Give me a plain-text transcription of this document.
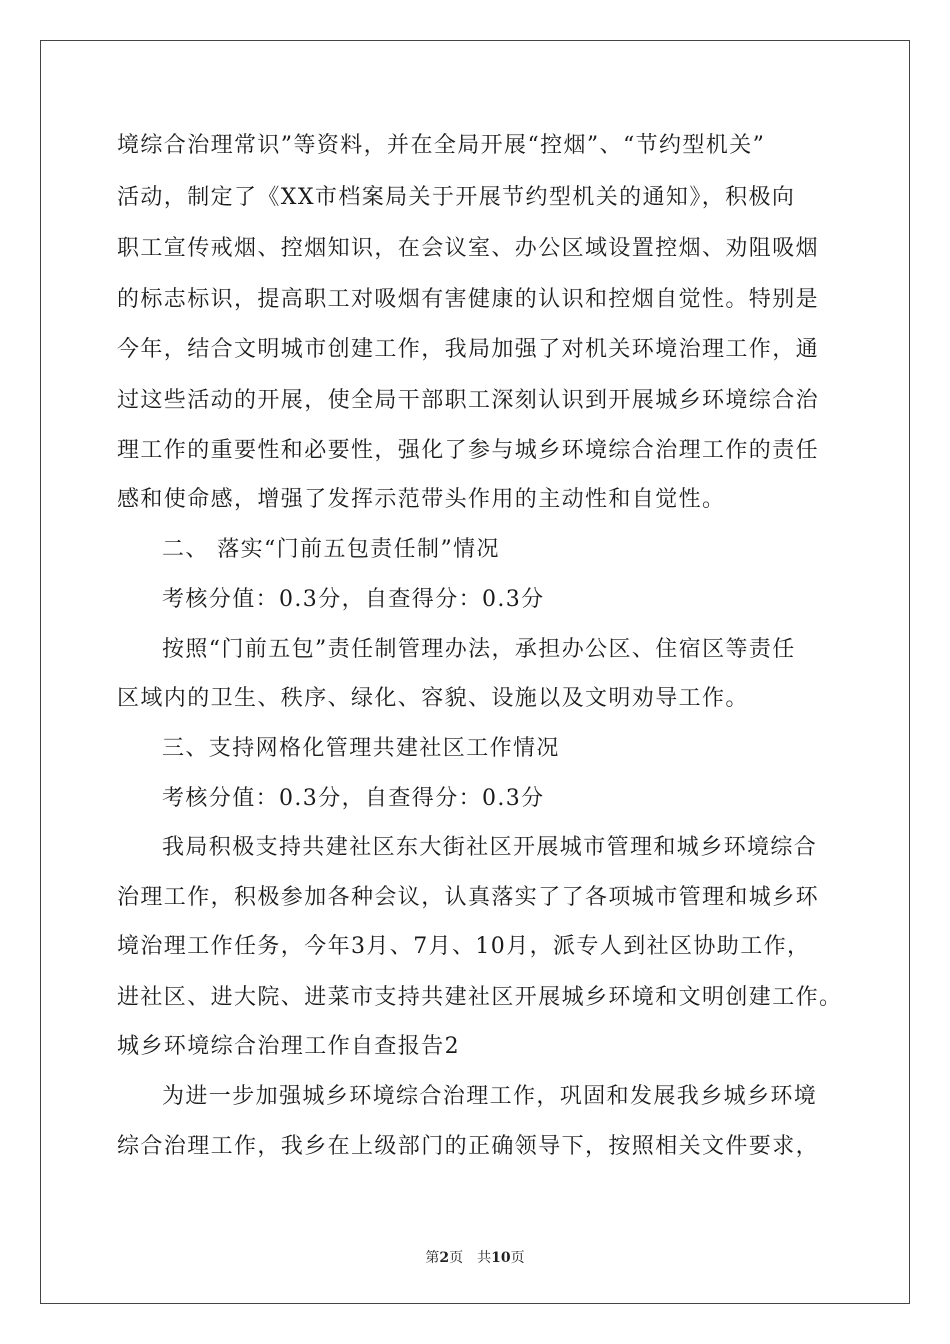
境综合治理常识”等资料，并在全局开展“控烟”、“节约型机关”
活动，制定了《XX市档案局关于开展节约型机关的通知》，积极向
职工宣传戒烟、控烟知识，在会议室、办公区域设置控烟、劝阻吸烟
的标志标识，提高职工对吸烟有害健康的认识和控烟自觉性。特别是
今年，结合文明城市创建工作，我局加强了对机关环境治理工作，通
过这些活动的开展，使全局干部职工深刻认识到开展城乡环境综合治
理工作的重要性和必要性，强化了参与城乡环境综合治理工作的责任
感和使命感，增强了发挥示范带头作用的主动性和自觉性。
二、 落实“门前五包责任制”情况
考核分值：0.3分，自查得分：0.3分
按照“门前五包”责任制管理办法，承担办公区、住宿区等责任
区域内的卫生、秩序、绿化、容貌、设施以及文明劝导工作。
三、支持网格化管理共建社区工作情况
考核分值：0.3分，自查得分：0.3分
我局积极支持共建社区东大街社区开展城市管理和城乡环境综合
治理工作，积极参加各种会议，认真落实了了各项城市管理和城乡环
境治理工作任务，今年3月、7月、10月，派专人到社区协助工作，
进社区、进大院、进菜市支持共建社区开展城乡环境和文明创建工作。
城乡环境综合治理工作自查报告2
为进一步加强城乡环境综合治理工作，巩固和发展我乡城乡环境
综合治理工作，我乡在上级部门的正确领导下，按照相关文件要求，
第2页　共10页
